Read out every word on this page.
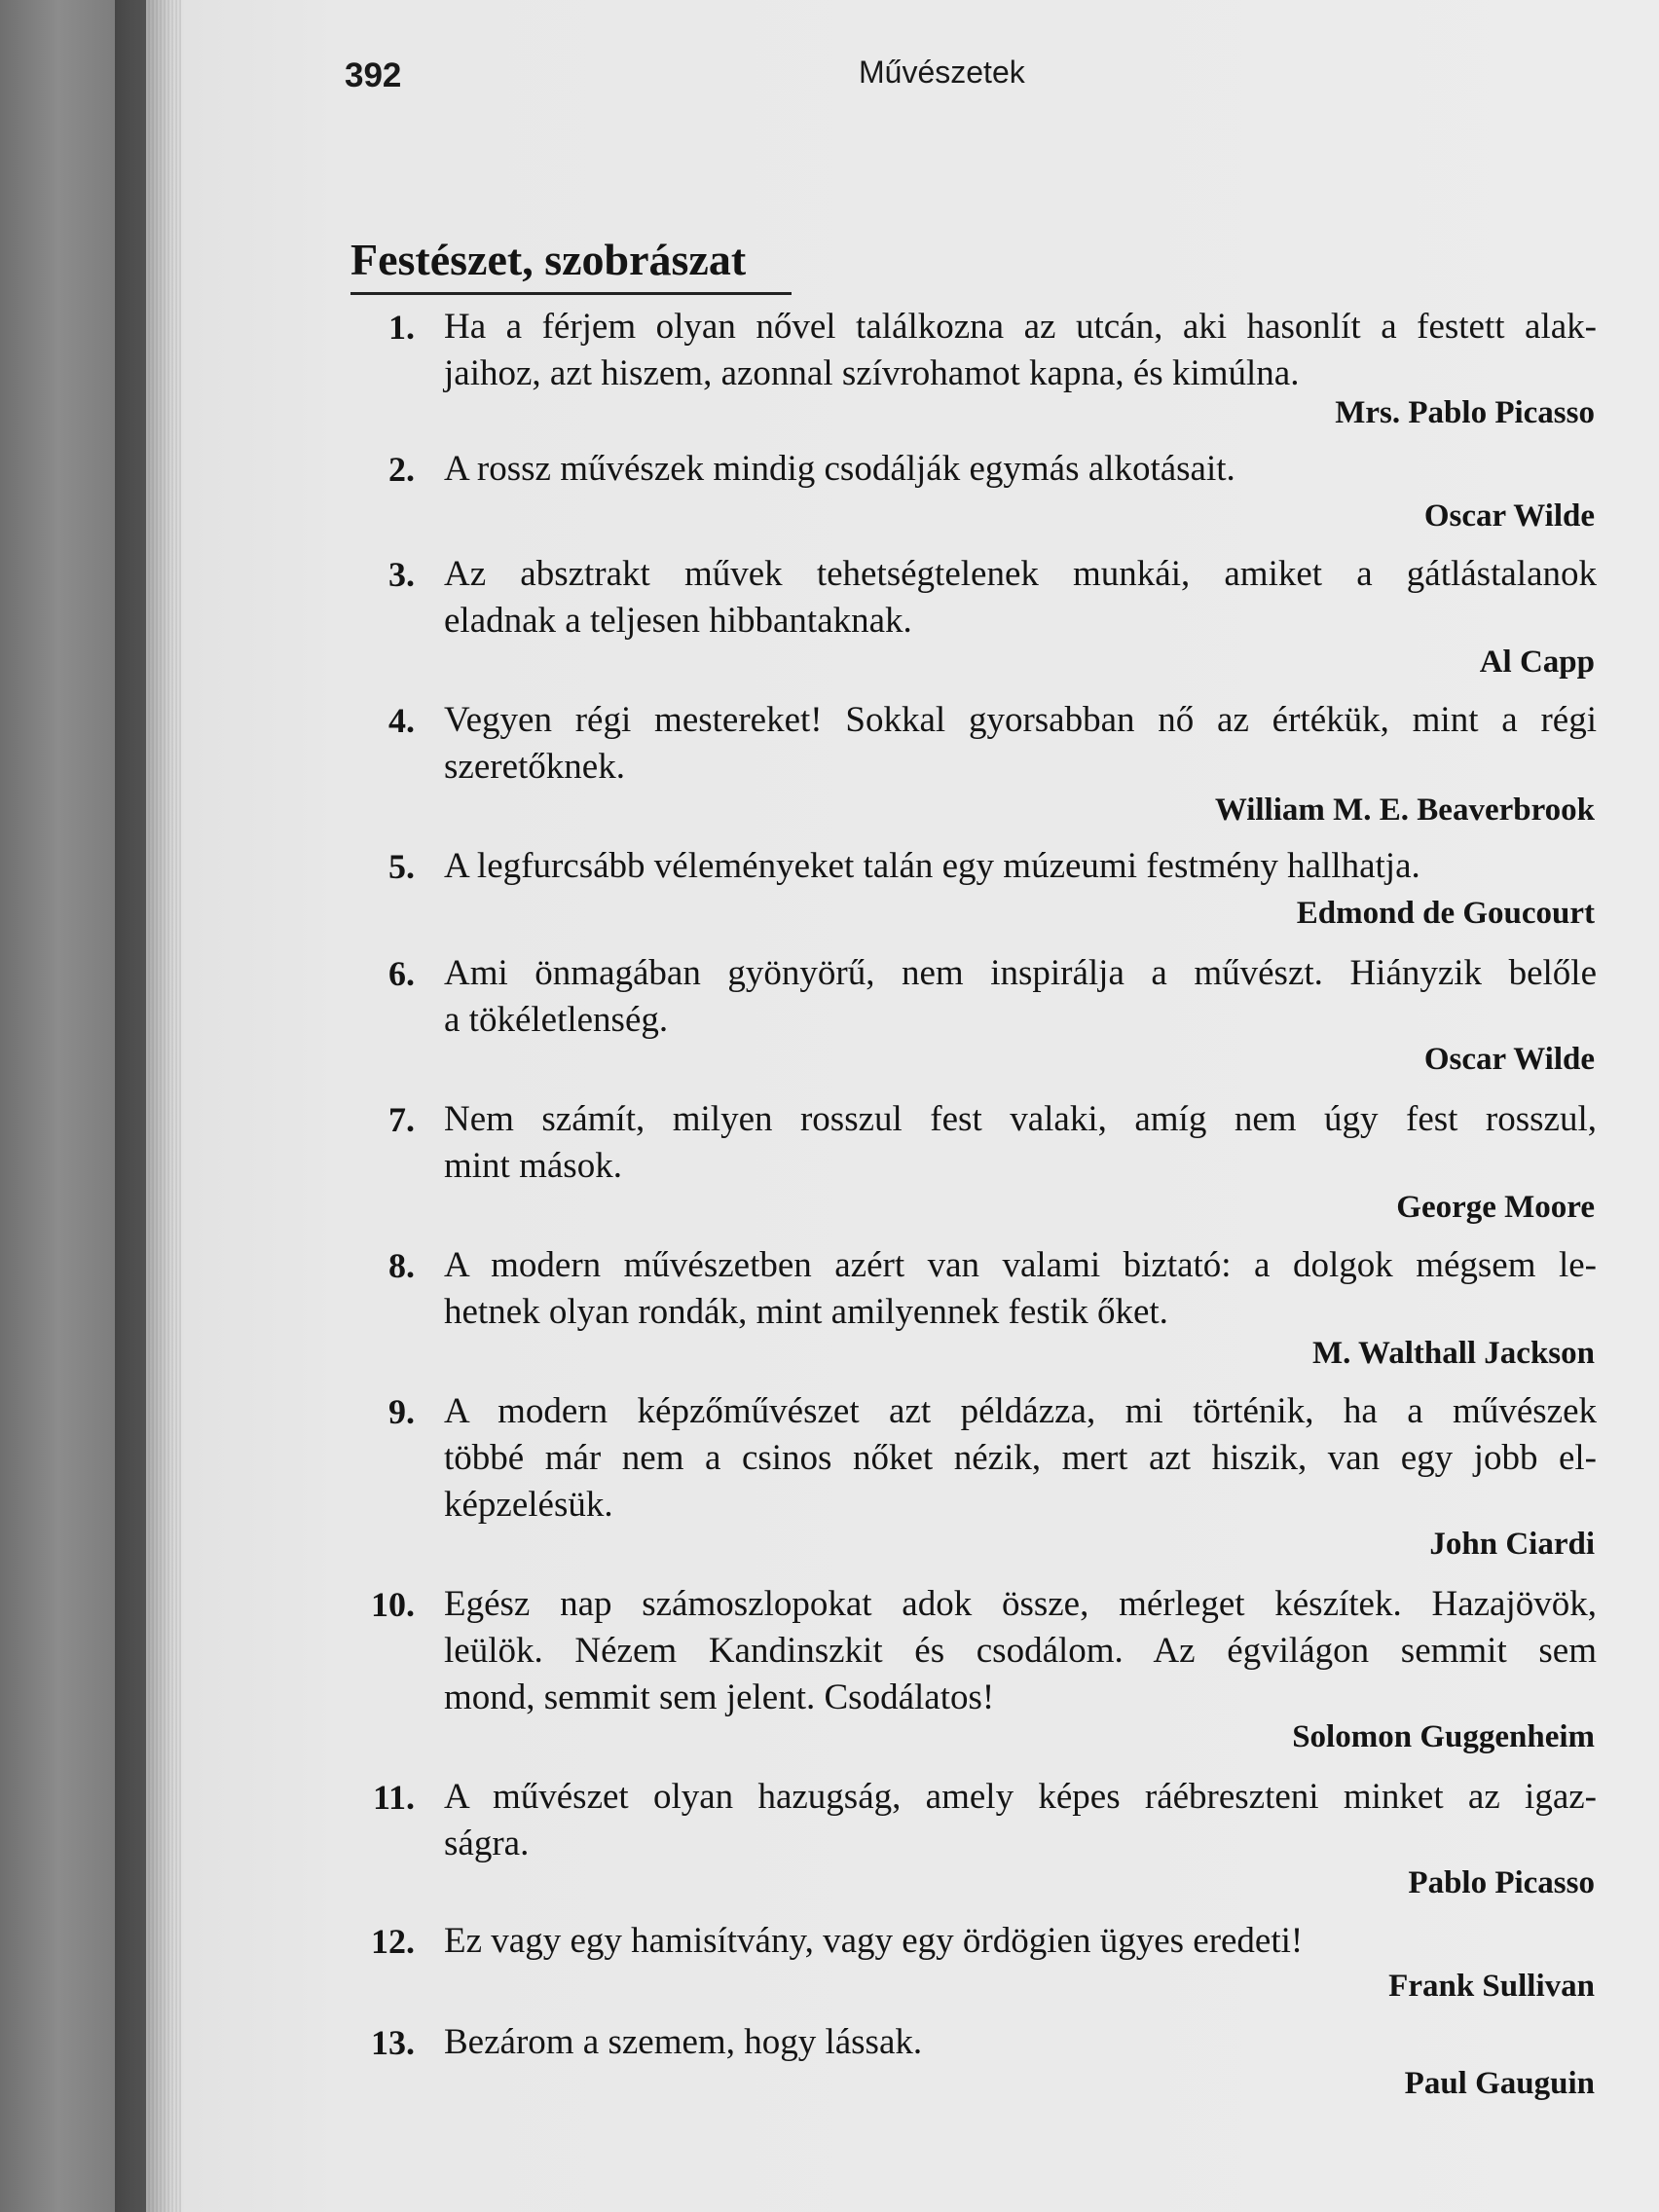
392	Művészetek
Festészet, szobrászat
1. Ha a férjem olyan nővel találkozna az utcán, aki hasonlít a festett alak-
jaihoz, azt hiszem, azonnal szívrohamot kapna, és kimúlna.
Mrs. Pablo Picasso
2. A rossz művészek mindig csodálják egymás alkotásait.
Oscar Wilde
3. Az absztrakt művek tehetségtelenek munkái, amiket a gátlástalanok
eladnak a teljesen hibbantaknak.
Al Capp
4. Vegyen régi mestereket! Sokkal gyorsabban nő az értékük, mint a régi
szeretőknek.
William M. E. Beaverbrook
5. A legfurcsább véleményeket talán egy múzeumi festmény hallhatja.
Edmond de Goucourt
6. Ami önmagában gyönyörű, nem inspirálja a művészt. Hiányzik belőle
a tökéletlenség.
Oscar Wilde
7. Nem számít, milyen rosszul fest valaki, amíg nem úgy fest rosszul,
mint mások.
George Moore
8. A modern művészetben azért van valami biztató: a dolgok mégsem le-
hetnek olyan rondák, mint amilyennek festik őket.
M. Walthall Jackson
9. A modern képzőművészet azt példázza, mi történik, ha a művészek
többé már nem a csinos nőket nézik, mert azt hiszik, van egy jobb el-
képzelésük.
John Ciardi
10. Egész nap számoszlopokat adok össze, mérleget készítek. Hazajövök,
leülök. Nézem Kandinszkit és csodálom. Az égvilágon semmit sem
mond, semmit sem jelent. Csodálatos!
Solomon Guggenheim
11. A művészet olyan hazugság, amely képes ráébreszteni minket az igaz-
ságra.
Pablo Picasso
12. Ez vagy egy hamisítvány, vagy egy ördögien ügyes eredeti!
Frank Sullivan
13. Bezárom a szemem, hogy lássak.
Paul Gauguin
